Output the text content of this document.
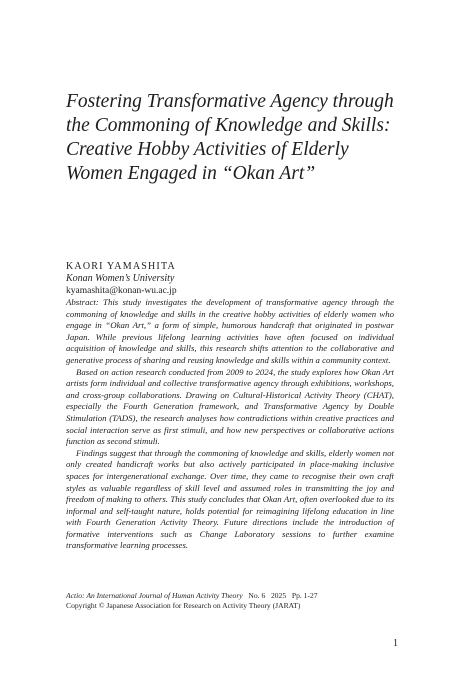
Fostering Transformative Agency through
the Commoning of Knowledge and Skills:
Creative Hobby Activities of Elderly
Women Engaged in “Okan Art”
KAORI YAMASHITA
Konan Women’s University
kyamashita@konan-wu.ac.jp

Abstract: This study investigates the development of transformative agency through the commoning of knowledge and skills in the creative hobby activities of elderly women who engage in “Okan Art,” a form of simple, humorous handcraft that originated in postwar Japan. While previous lifelong learning activities have often focused on individual acquisition of knowledge and skills, this research shifts attention to the collaborative and generative process of sharing and reusing knowledge and skills within a community context.

Based on action research conducted from 2009 to 2024, the study explores how Okan Art artists form individual and collective transformative agency through exhibitions, workshops, and cross-group collaborations. Drawing on Cultural-Historical Activity Theory (CHAT), especially the Fourth Generation framework, and Transformative Agency by Double Stimulation (TADS), the research analyses how contradictions within creative practices and social interaction serve as first stimuli, and how new perspectives or collaborative actions function as second stimuli.

Findings suggest that through the commoning of knowledge and skills, elderly women not only created handicraft works but also actively participated in place-making inclusive spaces for intergenerational exchange. Over time, they came to recognise their own craft styles as valuable regardless of skill level and assumed roles in transmitting the joy and freedom of making to others. This study concludes that Okan Art, often overlooked due to its informal and self-taught nature, holds potential for reimagining lifelong education in line with Fourth Generation Activity Theory. Future directions include the introduction of formative interventions such as Change Laboratory sessions to further examine transformative learning processes.

Actio: An International Journal of Human Activity Theory No. 6 2025 Pp. 1-27
Copyright © Japanese Association for Research on Activity Theory (JARAT)
1
